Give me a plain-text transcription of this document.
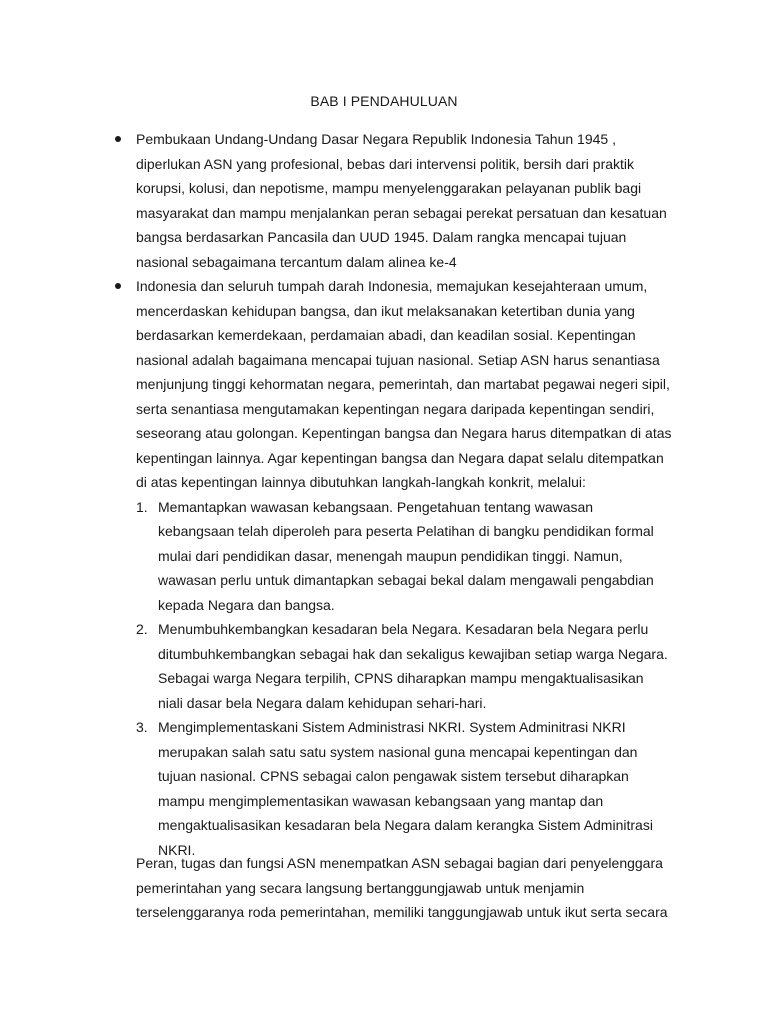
BAB I PENDAHULUAN
Pembukaan Undang-Undang Dasar Negara Republik Indonesia Tahun 1945 , diperlukan ASN yang profesional, bebas dari intervensi politik, bersih dari praktik korupsi, kolusi, dan nepotisme, mampu menyelenggarakan pelayanan publik bagi masyarakat dan mampu menjalankan peran sebagai perekat persatuan dan kesatuan bangsa berdasarkan Pancasila dan UUD 1945. Dalam rangka mencapai tujuan nasional sebagaimana tercantum dalam alinea ke-4
Indonesia dan seluruh tumpah darah Indonesia, memajukan kesejahteraan umum, mencerdaskan kehidupan bangsa, dan ikut melaksanakan ketertiban dunia yang berdasarkan kemerdekaan, perdamaian abadi, dan keadilan sosial. Kepentingan nasional adalah bagaimana mencapai tujuan nasional. Setiap ASN harus senantiasa menjunjung tinggi kehormatan negara, pemerintah, dan martabat pegawai negeri sipil, serta senantiasa mengutamakan kepentingan negara daripada kepentingan sendiri, seseorang atau golongan. Kepentingan bangsa dan Negara harus ditempatkan di atas kepentingan lainnya. Agar kepentingan bangsa dan Negara dapat selalu ditempatkan di atas kepentingan lainnya dibutuhkan langkah-langkah konkrit, melalui:
1. Memantapkan wawasan kebangsaan. Pengetahuan tentang wawasan kebangsaan telah diperoleh para peserta Pelatihan di bangku pendidikan formal mulai dari pendidikan dasar, menengah maupun pendidikan tinggi. Namun, wawasan perlu untuk dimantapkan sebagai bekal dalam mengawali pengabdian kepada Negara dan bangsa.
2. Menumbuhkembangkan kesadaran bela Negara. Kesadaran bela Negara perlu ditumbuhkembangkan sebagai hak dan sekaligus kewajiban setiap warga Negara. Sebagai warga Negara terpilih, CPNS diharapkan mampu mengaktualisasikan niali dasar bela Negara dalam kehidupan sehari-hari.
3. Mengimplementaskani Sistem Administrasi NKRI. System Adminitrasi NKRI merupakan salah satu satu system nasional guna mencapai kepentingan dan tujuan nasional. CPNS sebagai calon pengawak sistem tersebut diharapkan mampu mengimplementasikan wawasan kebangsaan yang mantap dan mengaktualisasikan kesadaran bela Negara dalam kerangka Sistem Adminitrasi NKRI.

Peran, tugas dan fungsi ASN menempatkan ASN sebagai bagian dari penyelenggara pemerintahan yang secara langsung bertanggungjawab untuk menjamin terselenggaranya roda pemerintahan, memiliki tanggungjawab untuk ikut serta secara
